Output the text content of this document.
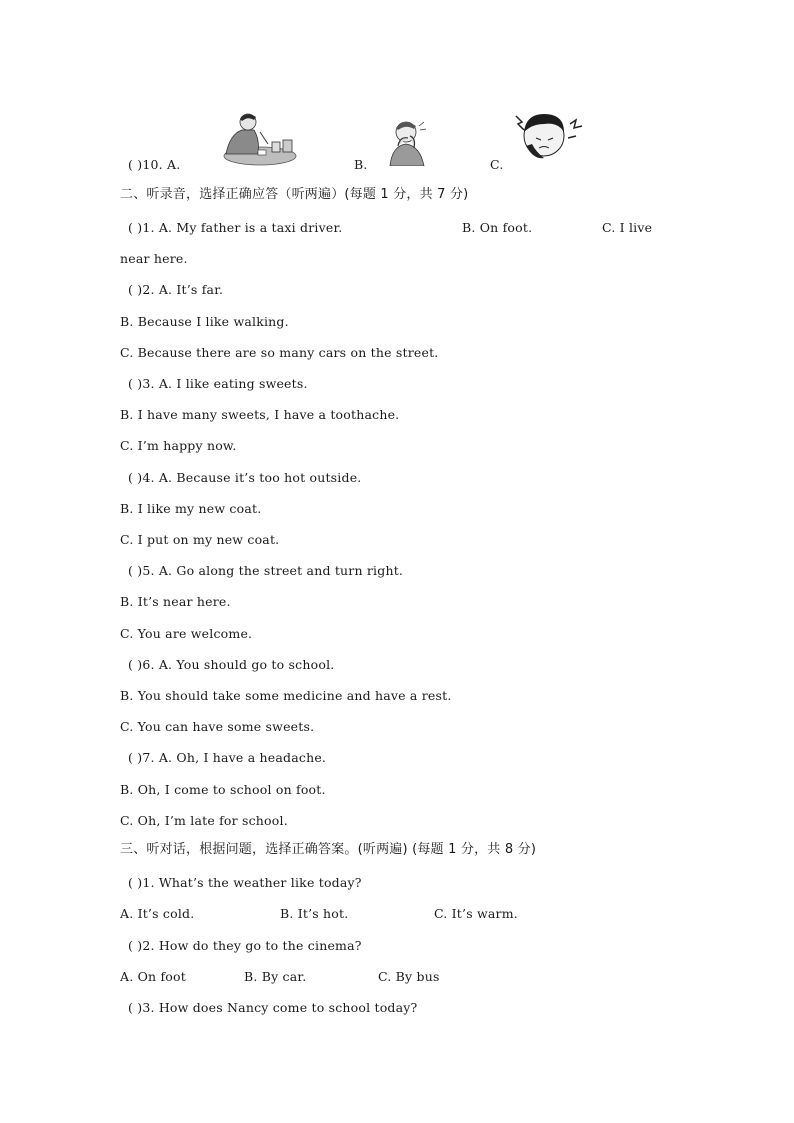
( )10. A.	B.	C.
二、听录音，选择正确应答（听两遍）(每题 1 分，共 7 分)
( )1. A. My father is a taxi driver.	B. On foot.	C. I live
near here.
( )2. A. It’s far.
B. Because I like walking.
C. Because there are so many cars on the street.
( )3. A. I like eating sweets.
B. I have many sweets, I have a toothache.
C. I’m happy now.
( )4. A. Because it’s too hot outside.
B. I like my new coat.
C. I put on my new coat.
( )5. A. Go along the street and turn right.
B. It’s near here.
C. You are welcome.
( )6. A. You should go to school.
B. You should take some medicine and have a rest.
C. You can have some sweets.
( )7. A. Oh, I have a headache.
B. Oh, I come to school on foot.
C. Oh, I’m late for school.
三、听对话，根据问题，选择正确答案。(听两遍) (每题 1 分，共 8 分)
( )1. What’s the weather like today?
A. It’s cold.	B. It’s hot.	C. It’s warm.
( )2. How do they go to the cinema?
A. On foot	B. By car.	C. By bus
( )3. How does Nancy come to school today?
